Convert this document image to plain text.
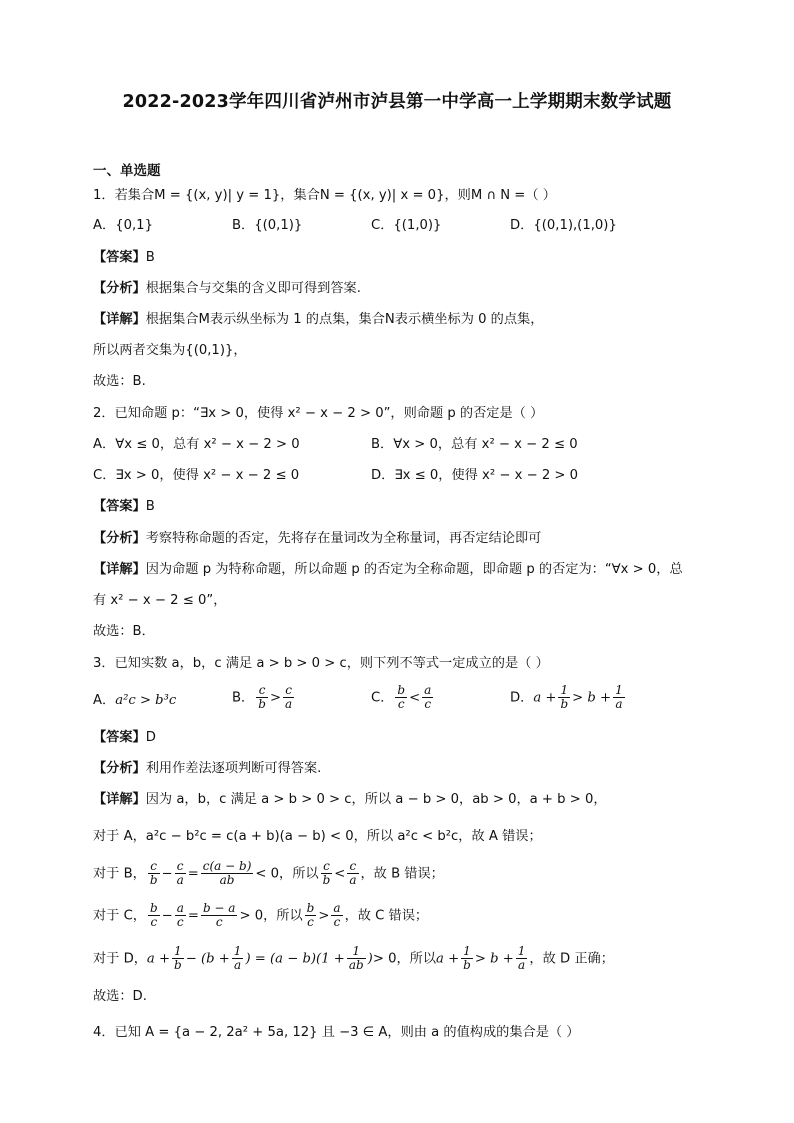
2022-2023学年四川省泸州市泸县第一中学高一上学期期末数学试题
一、单选题
1．若集合M = {(x, y)| y = 1}，集合N = {(x, y)| x = 0}，则M ∩ N =（ ）
A．{0,1}	B．{(0,1)}	C．{(1,0)}	D．{(0,1),(1,0)}
【答案】B
【分析】根据集合与交集的含义即可得到答案.
【详解】根据集合M表示纵坐标为 1 的点集，集合N表示横坐标为 0 的点集，
所以两者交集为{(0,1)}，
故选：B.
2．已知命题 p：“∃x > 0，使得 x² − x − 2 > 0”，则命题 p 的否定是（ ）
A．∀x ≤ 0，总有 x² − x − 2 > 0	B．∀x > 0，总有 x² − x − 2 ≤ 0
C．∃x > 0，使得 x² − x − 2 ≤ 0	D．∃x ≤ 0，使得 x² − x − 2 > 0
【答案】B
【分析】考察特称命题的否定，先将存在量词改为全称量词，再否定结论即可
【详解】因为命题 p 为特称命题，所以命题 p 的否定为全称命题，即命题 p 的否定为：“∀x > 0，总
有 x² − x − 2 ≤ 0”，
故选：B．
3．已知实数 a，b，c 满足 a > b > 0 > c，则下列不等式一定成立的是（ ）
A．a²c > b³c	B． $\frac{c}{b} > \frac{c}{a}$	C． $\frac{b}{c} < \frac{a}{c}$	D．$a + \frac{1}{b} > b + \frac{1}{a}$
【答案】D
【分析】利用作差法逐项判断可得答案.
【详解】因为 a，b，c 满足 a > b > 0 > c，所以 a − b > 0，ab > 0，a + b > 0，
对于 A，a²c − b²c = c(a + b)(a − b) < 0，所以 a²c < b²c，故 A 错误；
对于 B， $\frac{c}{b} - \frac{c}{a} = \frac{c(a - b)}{ab} < 0$，所以 $\frac{c}{b} < \frac{c}{a}$ ，故 B 错误；
对于 C， $\frac{b}{c} - \frac{a}{c} = \frac{b - a}{c} > 0$，所以 $\frac{b}{c} > \frac{a}{c}$ ，故 C 错误；
对于 D，$a + \frac{1}{b} - (b + \frac{1}{a}$ ) = $(a - b)(1 + \frac{1}{ab}$ )> 0，所以$a + \frac{1}{b} > b + \frac{1}{a}$ ，故 D 正确；
故选：D.
4．已知 A = {a − 2, 2a² + 5a, 12} 且 −3 ∈ A，则由 a 的值构成的集合是（ ）
